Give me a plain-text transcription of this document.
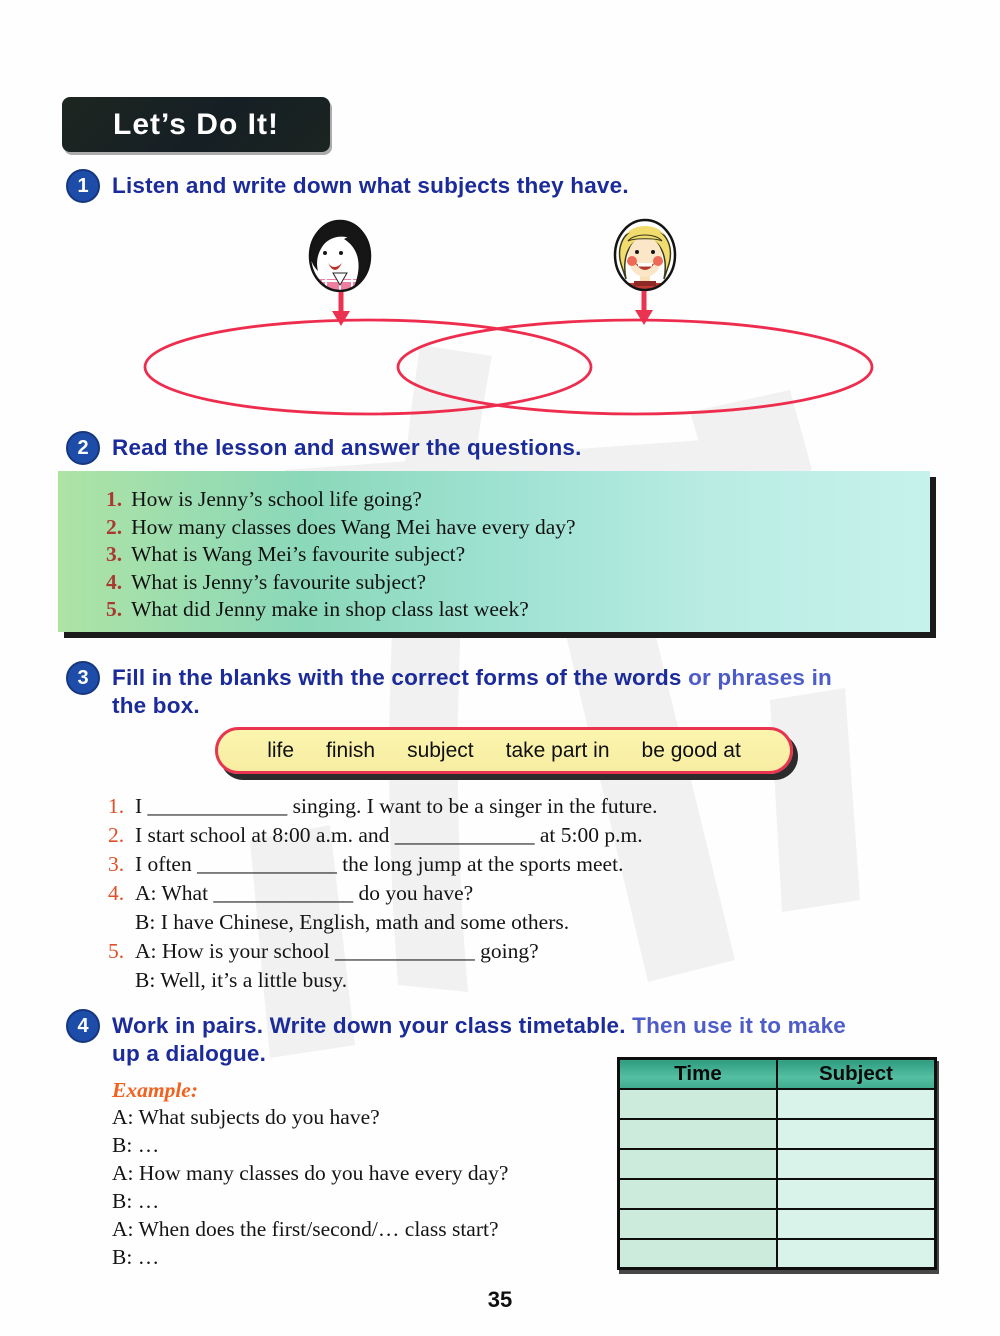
Let’s Do It!
1	Listen and write down what subjects they have.
2	Read the lesson and answer the questions.
1. How is Jenny’s school life going?
2. How many classes does Wang Mei have every day?
3. What is Wang Mei’s favourite subject?
4. What is Jenny’s favourite subject?
5. What did Jenny make in shop class last week?
3	Fill in the blanks with the correct forms of the words or phrases in
the box.
life finish subject take part in be good at
1. I _____________ singing. I want to be a singer in the future.
2. I start school at 8:00 a.m. and _____________ at 5:00 p.m.
3. I often _____________ the long jump at the sports meet.
4. A: What _____________ do you have?
B: I have Chinese, English, math and some others.
5. A: How is your school _____________ going?
B: Well, it’s a little busy.
4	Work in pairs. Write down your class timetable. Then use it to make
up a dialogue.
Example:
A: What subjects do you have?
B: …
A: How many classes do you have every day?
B: …
A: When does the first/second/… class start?
B: …
Time	Subject

35
